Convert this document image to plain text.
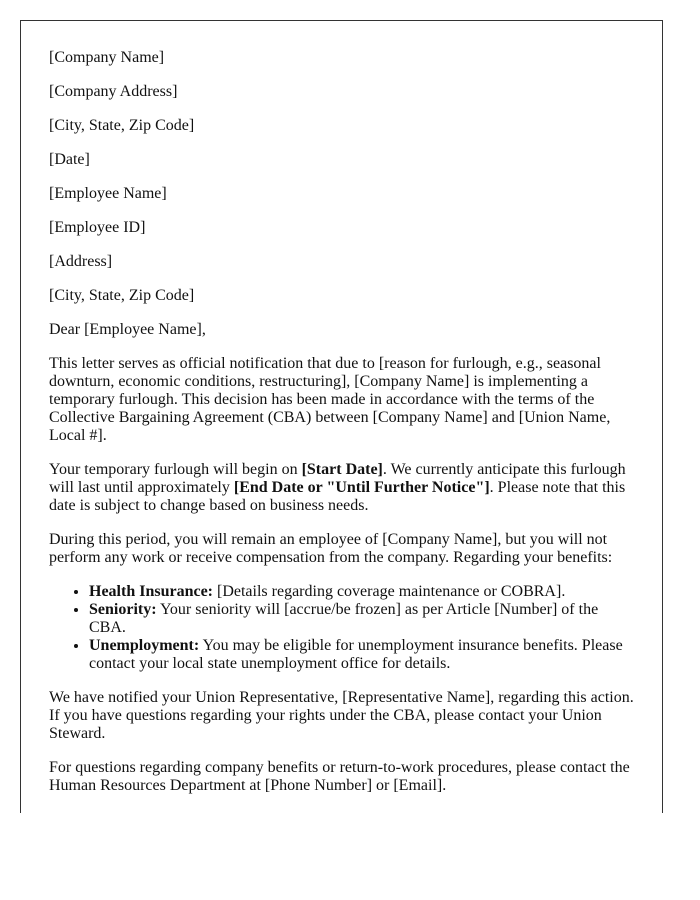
[Company Name]

[Company Address]

[City, State, Zip Code]

[Date]

[Employee Name]

[Employee ID]

[Address]

[City, State, Zip Code]

Dear [Employee Name],

This letter serves as official notification that due to [reason for furlough, e.g., seasonal downturn, economic conditions, restructuring], [Company Name] is implementing a temporary furlough. This decision has been made in accordance with the terms of the Collective Bargaining Agreement (CBA) between [Company Name] and [Union Name, Local #].

Your temporary furlough will begin on [Start Date]. We currently anticipate this furlough will last until approximately [End Date or "Until Further Notice"]. Please note that this date is subject to change based on business needs.

During this period, you will remain an employee of [Company Name], but you will not perform any work or receive compensation from the company. Regarding your benefits:

• Health Insurance: [Details regarding coverage maintenance or COBRA].
• Seniority: Your seniority will [accrue/be frozen] as per Article [Number] of the CBA.
• Unemployment: You may be eligible for unemployment insurance benefits. Please contact your local state unemployment office for details.

We have notified your Union Representative, [Representative Name], regarding this action. If you have questions regarding your rights under the CBA, please contact your Union Steward.

For questions regarding company benefits or return-to-work procedures, please contact the Human Resources Department at [Phone Number] or [Email].
